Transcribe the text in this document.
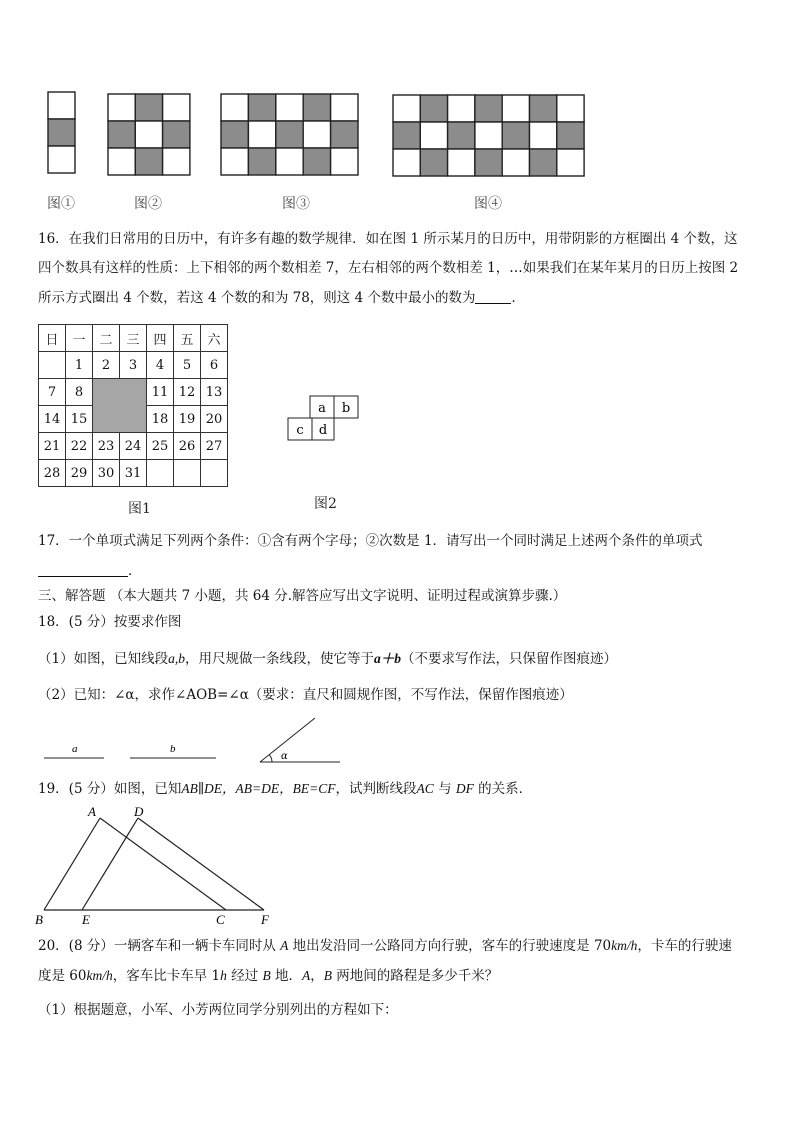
图①	图②	图③	图④
16．在我们日常用的日历中，有许多有趣的数学规律．如在图 1 所示某月的日历中，用带阴影的方框圈出 4 个数，这
四个数具有这样的性质：上下相邻的两个数相差 7，左右相邻的两个数相差 1，…如果我们在某年某月的日历上按图 2
所示方式圈出 4 个数，若这 4 个数的和为 78，则这 4 个数中最小的数为	．
日	一	二	三	四	五	六
	1	2	3	4	5	6
7	8			11	12	13
14	15			18	19	20
21	22	23	24	25	26	27
28	29	30	31			
图1
a b
c d
图2
17．一个单项式满足下列两个条件：①含有两个字母；②次数是 1．请写出一个同时满足上述两个条件的单项式
．
三、解答题 （本大题共 7 小题，共 64 分.解答应写出文字说明、证明过程或演算步骤.）
18．(5 分）按要求作图
（1）如图，已知线段a,b，用尺规做一条线段，使它等于a＋b（不要求写作法，只保留作图痕迹）
（2）已知：∠α，求作∠AOB=∠α（要求：直尺和圆规作图，不写作法，保留作图痕迹）
a	b
α
19．(5 分）如图，已知AB∥DE，AB=DE，BE=CF，试判断线段AC 与 DF 的关系．
A	D
B	E	C	F
20．(8 分）一辆客车和一辆卡车同时从 A 地出发沿同一公路同方向行驶，客车的行驶速度是 70km/h，卡车的行驶速
度是 60km/h，客车比卡车早 1h 经过 B 地．A，B 两地间的路程是多少千米？
（1）根据题意，小军、小芳两位同学分别列出的方程如下：
